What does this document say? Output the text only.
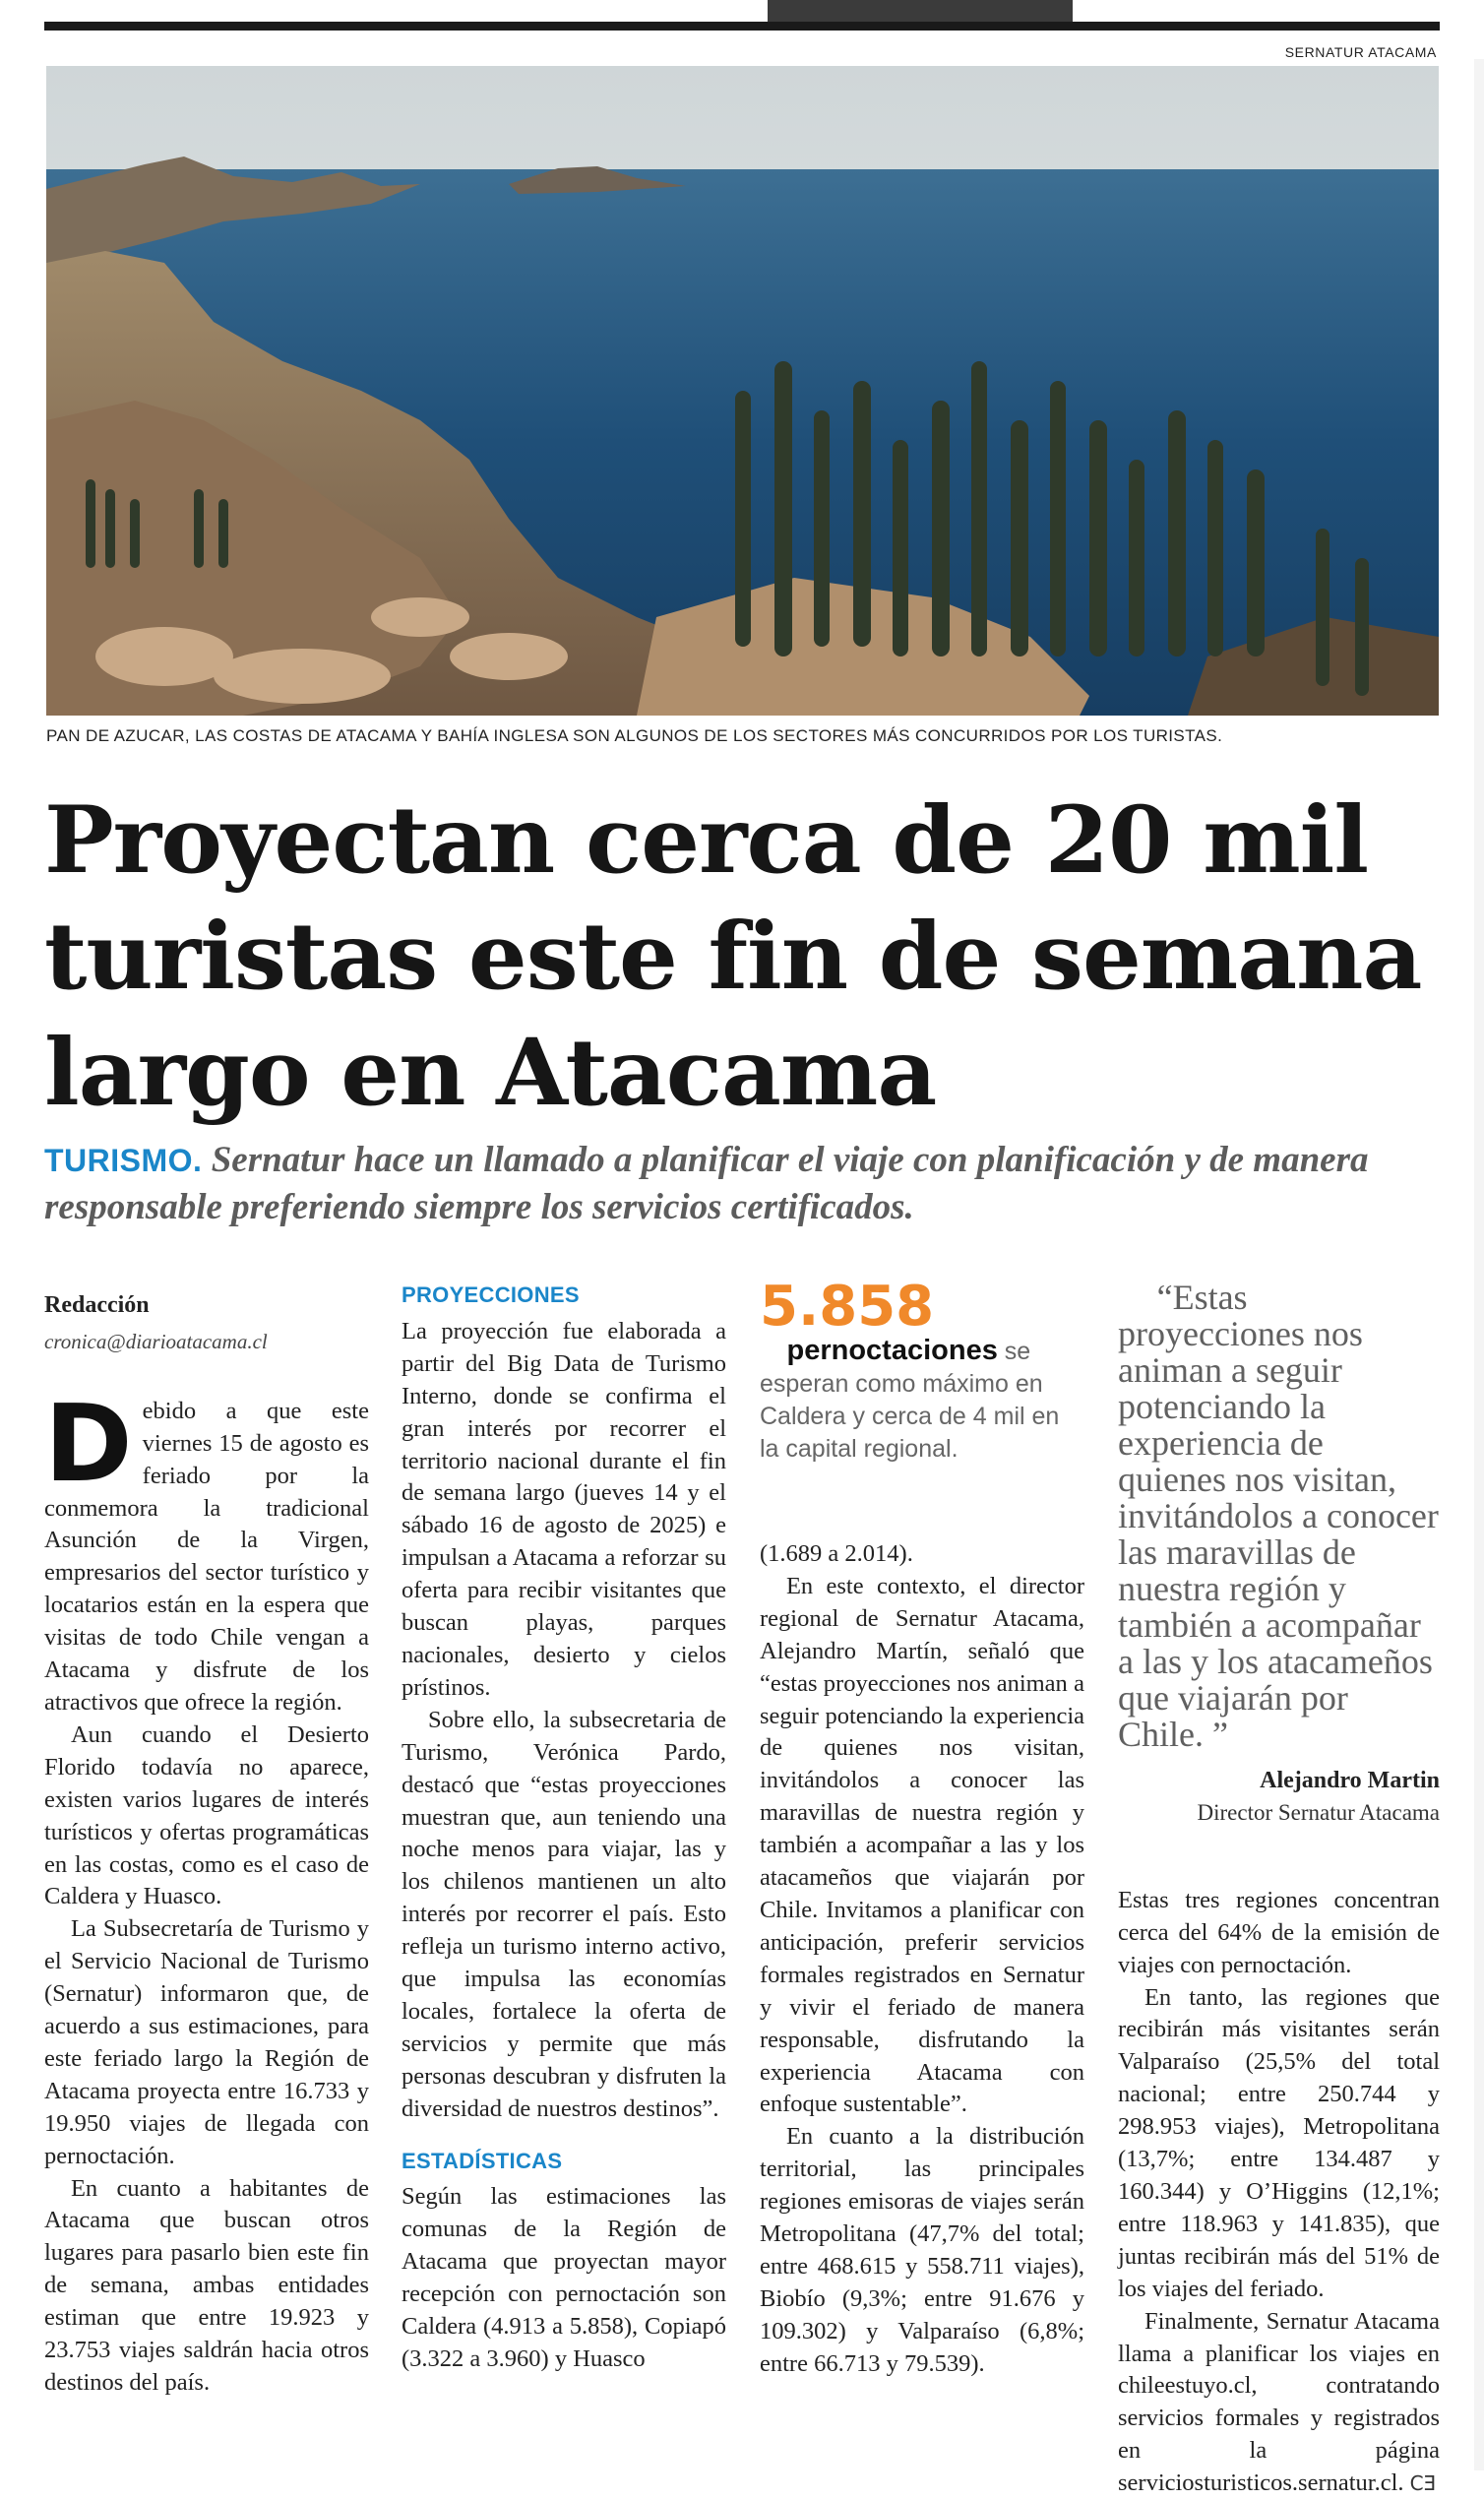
SERNATUR ATACAMA
PAN DE AZUCAR, LAS COSTAS DE ATACAMA Y BAHÍA INGLESA SON ALGUNOS DE LOS SECTORES MÁS CONCURRIDOS POR LOS TURISTAS.
Proyectan cerca de 20 mil
turistas este fin de semana
largo en Atacama

TURISMO. Sernatur hace un llamado a planificar el viaje con planificación y de manera responsable preferiendo siempre los servicios certificados.

Redacción
cronica@diarioatacama.cl
D ebido a que este viernes 15 de agosto es feriado por la conmemora la tradicional Asunción de la Virgen, empresarios del sector turístico y locatarios están en la espera que visitas de todo Chile vengan a Atacama y disfrute de los atractivos que ofrece la región.

Aun cuando el Desierto Florido todavía no aparece, existen varios lugares de interés turísticos y ofertas programáticas en las costas, como es el caso de Caldera y Huasco.

La Subsecretaría de Turismo y el Servicio Nacional de Turismo (Sernatur) informaron que, de acuerdo a sus estimaciones, para este feriado largo la Región de Atacama proyecta entre 16.733 y 19.950 viajes de llegada con pernoctación.

En cuanto a habitantes de Atacama que buscan otros lugares para pasarlo bien este fin de semana, ambas entidades estiman que entre 19.923 y 23.753 viajes saldrán hacia otros destinos del país.

PROYECCIONES

La proyección fue elaborada a partir del Big Data de Turismo Interno, donde se confirma el gran interés por recorrer el territorio nacional durante el fin de semana largo (jueves 14 y el sábado 16 de agosto de 2025) e impulsan a Atacama a reforzar su oferta para recibir visitantes que buscan playas, parques nacionales, desierto y cielos prístinos.

Sobre ello, la subsecretaria de Turismo, Verónica Pardo, destacó que “estas proyecciones muestran que, aun teniendo una noche menos para viajar, las y los chilenos mantienen un alto interés por recorrer el país. Esto refleja un turismo interno activo, que impulsa las economías locales, fortalece la oferta de servicios y permite que más personas descubran y disfruten la diversidad de nuestros destinos”.

ESTADÍSTICAS

Según las estimaciones las comunas de la Región de Atacama que proyectan mayor recepción con pernoctación son Caldera (4.913 a 5.858), Copiapó (3.322 a 3.960) y Huasco

5.858

pernoctaciones se esperan como máximo en Caldera y cerca de 4 mil en la capital regional.

(1.689 a 2.014).

En este contexto, el director regional de Sernatur Atacama, Alejandro Martín, señaló que “estas proyecciones nos animan a seguir potenciando la experiencia de quienes nos visitan, invitándolos a conocer las maravillas de nuestra región y también a acompañar a las y los atacameños que viajarán por Chile. Invitamos a planificar con anticipación, preferir servicios formales registrados en Sernatur y vivir el feriado de manera responsable, disfrutando la experiencia Atacama con enfoque sustentable”.

En cuanto a la distribución territorial, las principales regiones emisoras de viajes serán Metropolitana (47,7% del total; entre 468.615 y 558.711 viajes), Biobío (9,3%; entre 91.676 y 109.302) y Valparaíso (6,8%; entre 66.713 y 79.539).

“Estas proyecciones nos animan a seguir potenciando la experiencia de quienes nos visitan, invitándolos a conocer las maravillas de nuestra región y también a acompañar a las y los atacameños que viajarán por Chile. ”

Alejandro Martin
Director Sernatur Atacama

Estas tres regiones concentran cerca del 64% de la emisión de viajes con pernoctación.

En tanto, las regiones que recibirán más visitantes serán Valparaíso (25,5% del total nacional; entre 250.744 y 298.953 viajes), Metropolitana (13,7%; entre 134.487 y 160.344) y O’Higgins (12,1%; entre 118.963 y 141.835), que juntas recibirán más del 51% de los viajes del feriado.

Finalmente, Sernatur Atacama llama a planificar los viajes en chileestuyo.cl, contratando servicios formales y registrados en la página serviciosturisticos.sernatur.cl. CƎ
